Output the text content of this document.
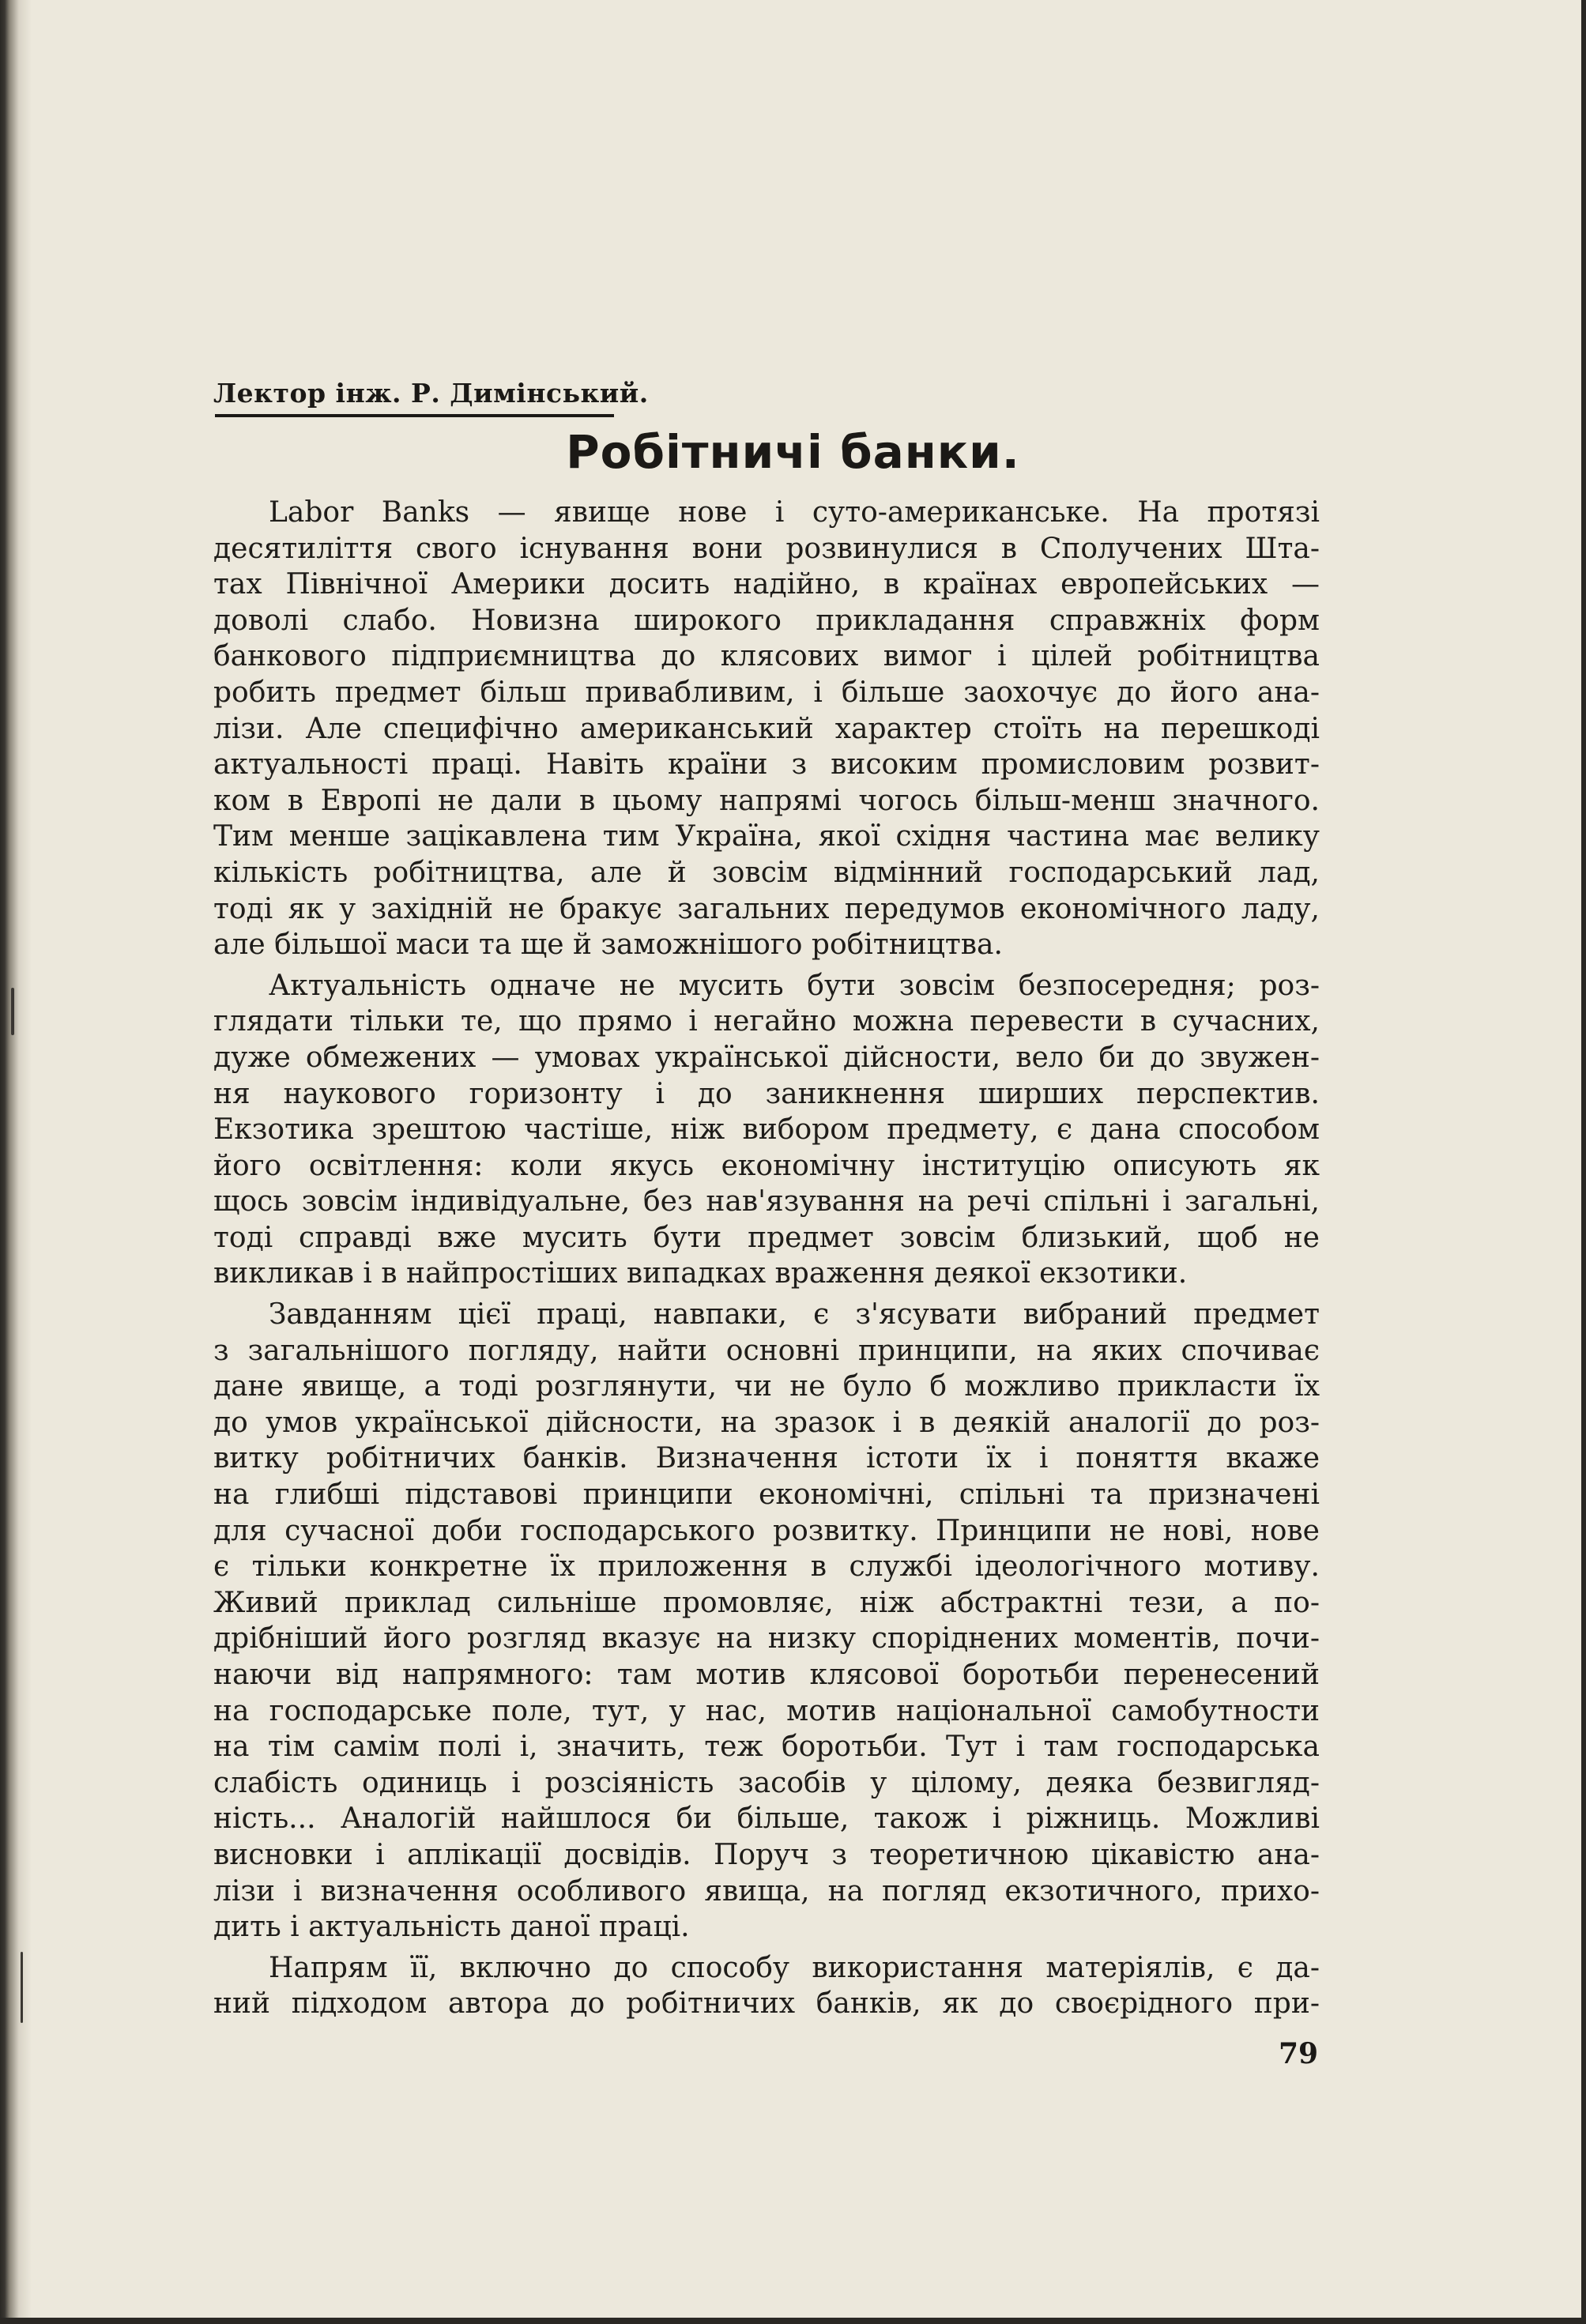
Лектор інж. Р. Димінський.
Робітничі банки.
Labor Banks — явище нове і суто-американське. На протязі
десятиліття свого існування вони розвинулися в Сполучених Шта-
тах Північної Америки досить надійно, в країнах европейських —
доволі слабо. Новизна широкого прикладання справжніх форм
банкового підприємництва до клясових вимог і цілей робітництва
робить предмет більш привабливим, і більше заохочує до його ана-
лізи. Але специфічно американський характер стоїть на перешкоді
актуальності праці. Навіть країни з високим промисловим розвит-
ком в Европі не дали в цьому напрямі чогось більш-менш значного.
Тим менше зацікавлена тим Україна, якої східня частина має велику
кількість робітництва, але й зовсім відмінний господарський лад,
тоді як у західній не бракує загальних передумов економічного ладу,
але більшої маси та ще й заможнішого робітництва.
Актуальність одначе не мусить бути зовсім безпосередня; роз-
глядати тільки те, що прямо і негайно можна перевести в сучасних,
дуже обмежених — умовах української дійсности, вело би до звужен-
ня наукового горизонту і до заникнення ширших перспектив.
Екзотика зрештою частіше, ніж вибором предмету, є дана способом
його освітлення: коли якусь економічну інституцію описують як
щось зовсім індивідуальне, без нав'язування на речі спільні і загальні,
тоді справді вже мусить бути предмет зовсім близький, щоб не
викликав і в найпростіших випадках враження деякої екзотики.
Завданням цієї праці, навпаки, є з'ясувати вибраний предмет
з загальнішого погляду, найти основні принципи, на яких спочиває
дане явище, а тоді розглянути, чи не було б можливо прикласти їх
до умов української дійсности, на зразок і в деякій аналогії до роз-
витку робітничих банків. Визначення істоти їх і поняття вкаже
на глибші підставові принципи економічні, спільні та призначені
для сучасної доби господарського розвитку. Принципи не нові, нове
є тільки конкретне їх приложення в службі ідеологічного мотиву.
Живий приклад сильніше промовляє, ніж абстрактні тези, а по-
дрібніший його розгляд вказує на низку споріднених моментів, почи-
наючи від напрямного: там мотив клясової боротьби перенесений
на господарське поле, тут, у нас, мотив національної самобутности
на тім самім полі і, значить, теж боротьби. Тут і там господарська
слабість одиниць і розсіяність засобів у цілому, деяка безвигляд-
ність... Аналогій найшлося би більше, також і ріжниць. Можливі
висновки і аплікації досвідів. Поруч з теоретичною цікавістю ана-
лізи і визначення особливого явища, на погляд екзотичного, прихо-
дить і актуальність даної праці.
Напрям її, включно до способу використання матеріялів, є да-
ний підходом автора до робітничих банків, як до своєрідного при-
79
